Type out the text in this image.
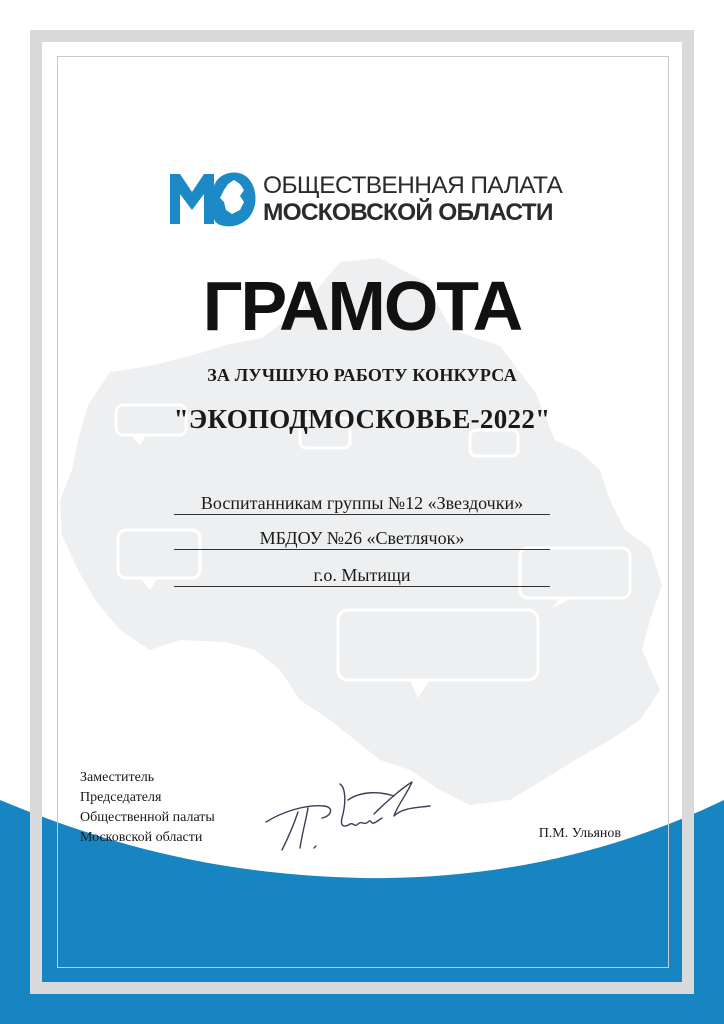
ОБЩЕСТВЕННАЯ ПАЛАТА
МОСКОВСКОЙ ОБЛАСТИ
ГРАМОТА
ЗА ЛУЧШУЮ РАБОТУ КОНКУРСА
"ЭКОПОДМОСКОВЬЕ-2022"
Воспитанникам группы №12 «Звездочки»
МБДОУ №26 «Светлячок»
г.о. Мытищи
Заместитель
Председателя
Общественной палаты
Московской области	П.М. Ульянов
